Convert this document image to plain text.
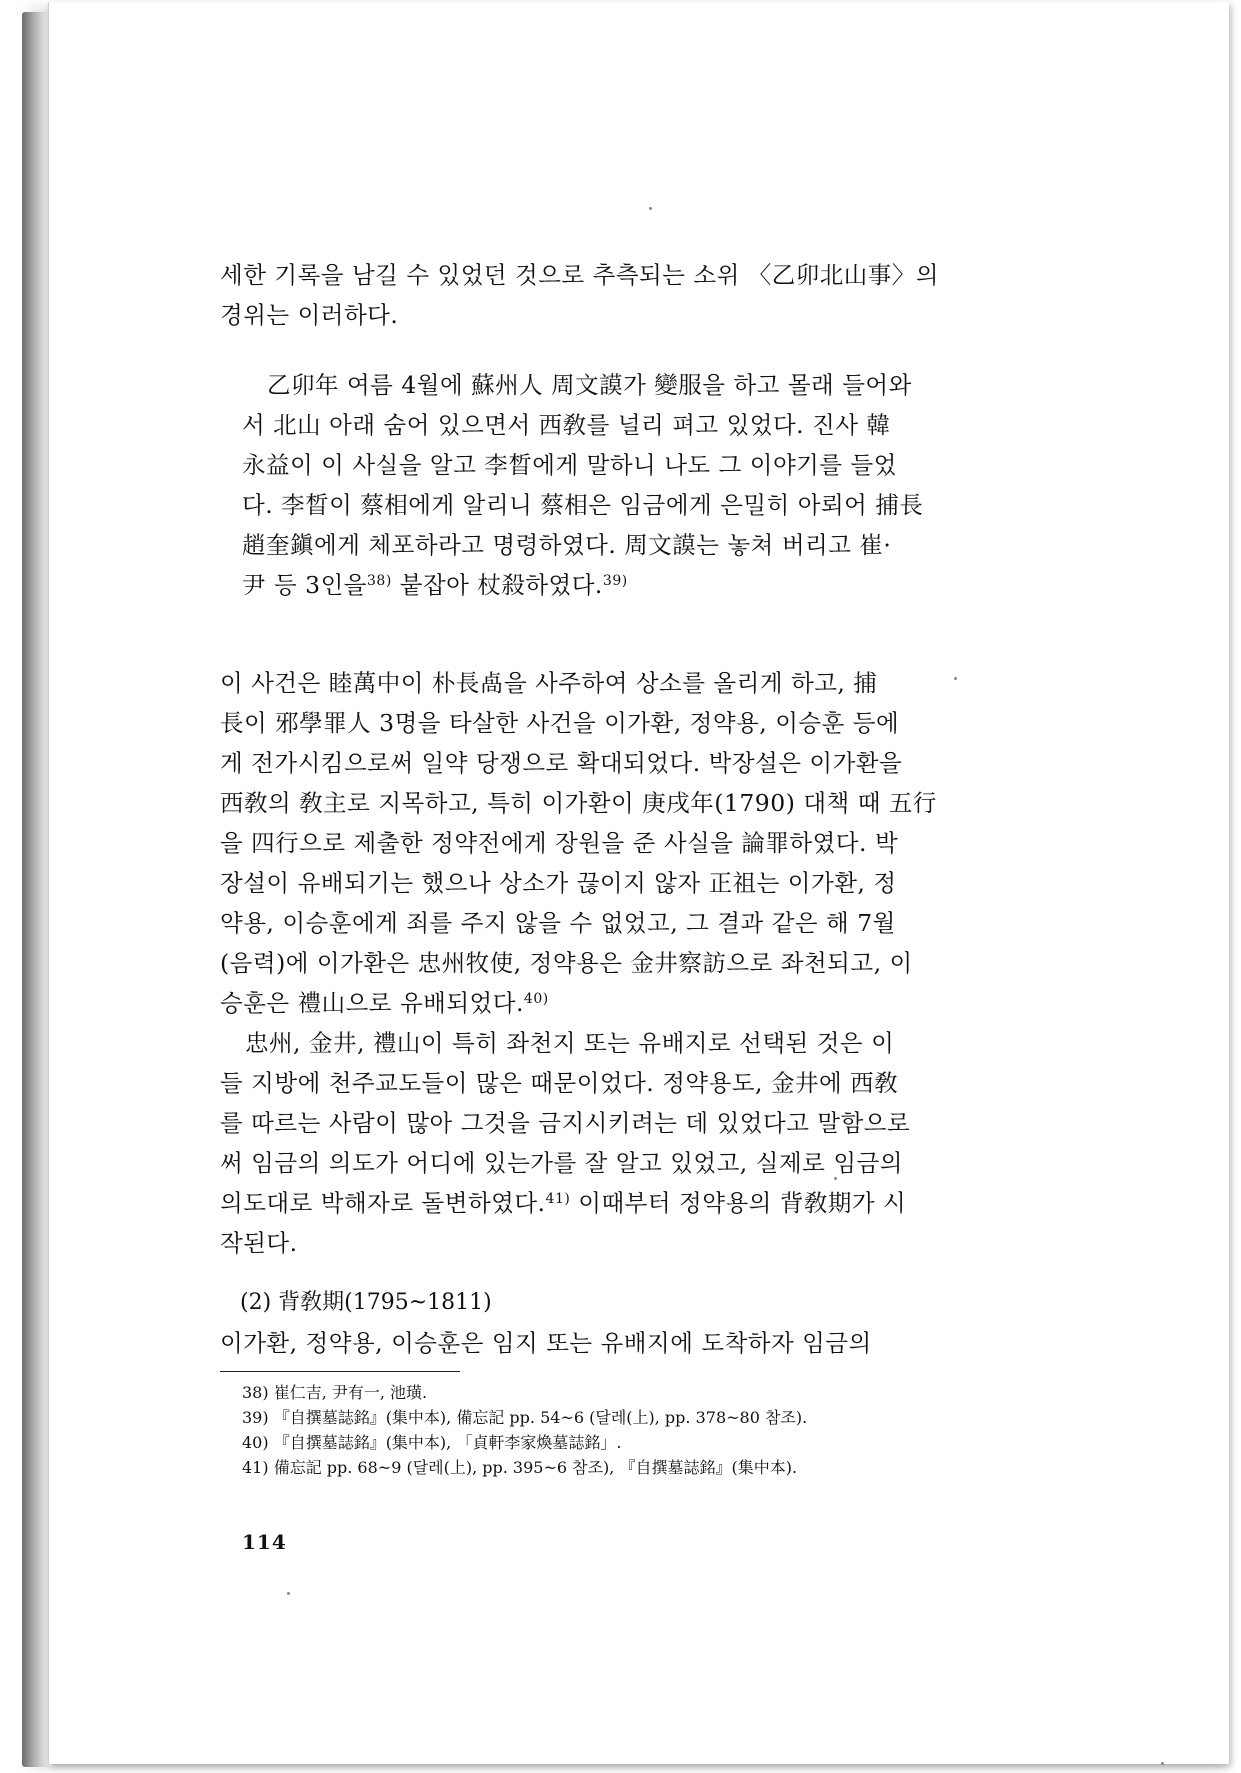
세한 기록을 남길 수 있었던 것으로 추측되는 소위 〈乙卯北山事〉의
경위는 이러하다.

乙卯年 여름 4월에 蘇州人 周文謨가 變服을 하고 몰래 들어와
서 北山 아래 숨어 있으면서 西敎를 널리 펴고 있었다. 진사 韓
永益이 이 사실을 알고 李晳에게 말하니 나도 그 이야기를 들었
다. 李晳이 蔡相에게 알리니 蔡相은 임금에게 은밀히 아뢰어 捕長
趙奎鎭에게 체포하라고 명령하였다. 周文謨는 놓쳐 버리고 崔·
尹 등 3인을$^{38)}$ 붙잡아 杖殺하였다.$^{39)}$

이 사건은 睦萬中이 朴長卨을 사주하여 상소를 올리게 하고, 捕
長이 邪學罪人 3명을 타살한 사건을 이가환, 정약용, 이승훈 등에
게 전가시킴으로써 일약 당쟁으로 확대되었다. 박장설은 이가환을
西敎의 敎主로 지목하고, 특히 이가환이 庚戌年(1790) 대책 때 五行
을 四行으로 제출한 정약전에게 장원을 준 사실을 論罪하였다. 박
장설이 유배되기는 했으나 상소가 끊이지 않자 正祖는 이가환, 정
약용, 이승훈에게 죄를 주지 않을 수 없었고, 그 결과 같은 해 7월
(음력)에 이가환은 忠州牧使, 정약용은 金井察訪으로 좌천되고, 이
승훈은 禮山으로 유배되었다.$^{40)}$

忠州, 金井, 禮山이 특히 좌천지 또는 유배지로 선택된 것은 이
들 지방에 천주교도들이 많은 때문이었다. 정약용도, 金井에 西敎
를 따르는 사람이 많아 그것을 금지시키려는 데 있었다고 말함으로
써 임금의 의도가 어디에 있는가를 잘 알고 있었고, 실제로 임금의
의도대로 박해자로 돌변하였다.$^{41)}$ 이때부터 정약용의 背敎期가 시
작된다.

(2) 背敎期(1795~1811)

이가환, 정약용, 이승훈은 임지 또는 유배지에 도착하자 임금의

38) 崔仁吉, 尹有一, 池璜.
39) 『自撰墓誌銘』(集中本), 備忘記 pp. 54~6 (달레(上), pp. 378~80 참조).
40) 『自撰墓誌銘』(集中本), 「貞軒李家煥墓誌銘」.
41) 備忘記 pp. 68~9 (달레(上), pp. 395~6 참조), 『自撰墓誌銘』(集中本).
114
